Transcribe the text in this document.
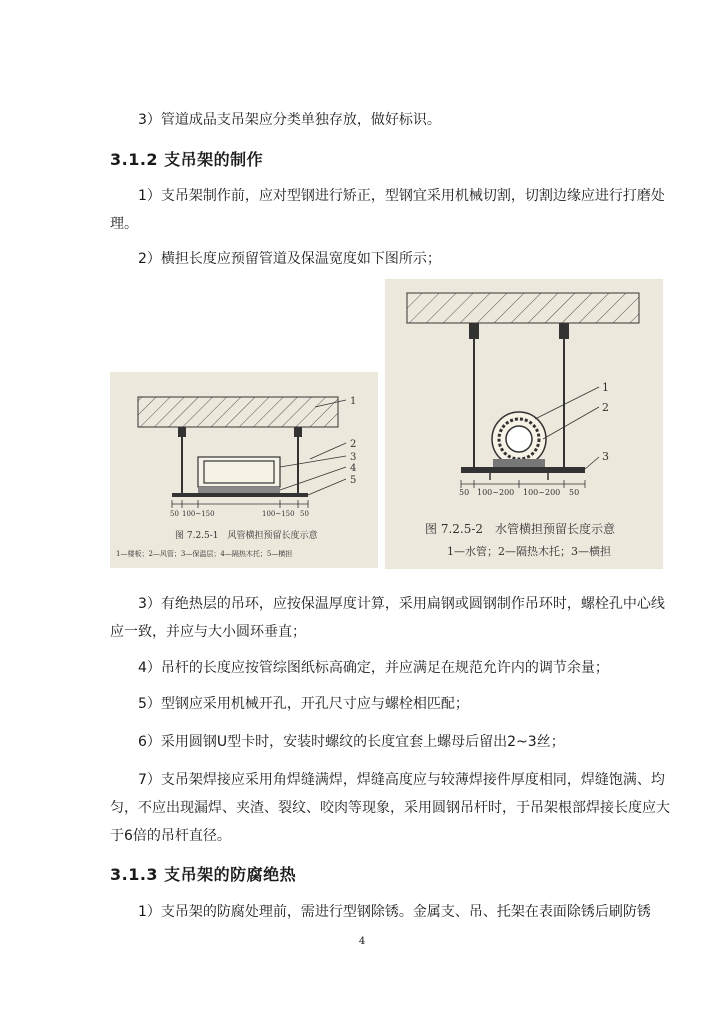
3）管道成品支吊架应分类单独存放，做好标识。

3.1.2 支吊架的制作

1）支吊架制作前，应对型钢进行矫正，型钢宜采用机械切割，切割边缘应进行打磨处理。

2）横担长度应预留管道及保温宽度如下图所示；

1
2
3
4
5
50 100~150	100~150 50
图 7.2.5-1　风管横担预留长度示意
1—楼板；2—风管；3—保温层；4—隔热木托；5—横担
1
2
3
50 100~200 100~200 50
图 7.2.5-2　水管横担预留长度示意
1—水管；2—隔热木托；3—横担

3）有绝热层的吊环，应按保温厚度计算，采用扁钢或圆钢制作吊环时，螺栓孔中心线应一致，并应与大小圆环垂直；

4）吊杆的长度应按管综图纸标高确定，并应满足在规范允许内的调节余量；

5）型钢应采用机械开孔，开孔尺寸应与螺栓相匹配；

6）采用圆钢U型卡时，安装时螺纹的长度宜套上螺母后留出2~3丝；

7）支吊架焊接应采用角焊缝满焊，焊缝高度应与较薄焊接件厚度相同，焊缝饱满、均匀，不应出现漏焊、夹渣、裂纹、咬肉等现象，采用圆钢吊杆时，于吊架根部焊接长度应大于6倍的吊杆直径。

3.1.3 支吊架的防腐绝热

1）支吊架的防腐处理前，需进行型钢除锈。金属支、吊、托架在表面除锈后刷防锈

4
